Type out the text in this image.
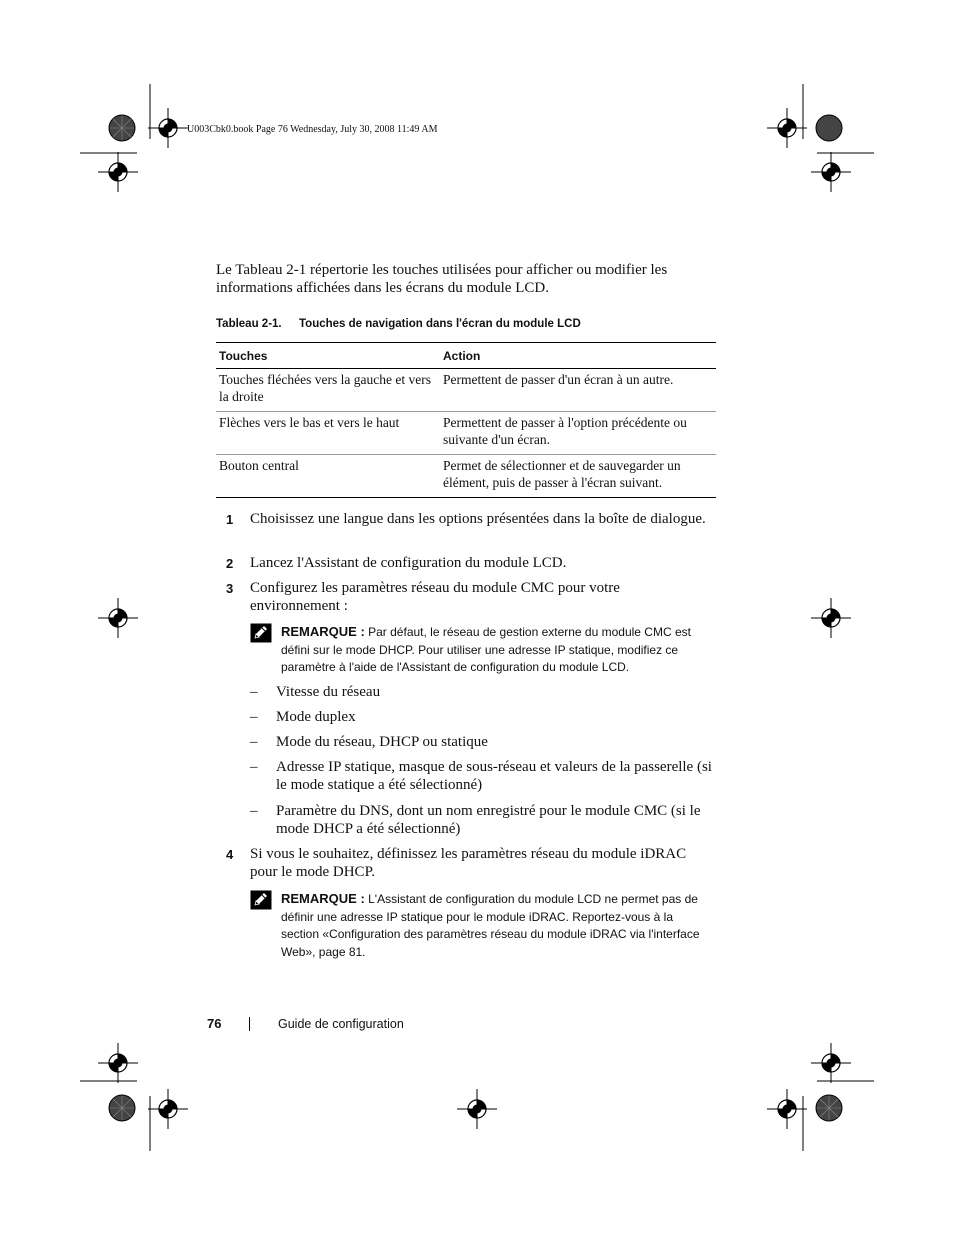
U003Cbk0.book Page 76 Wednesday, July 30, 2008 11:49 AM
Le Tableau 2-1 répertorie les touches utilisées pour afficher ou modifier les informations affichées dans les écrans du module LCD.
Tableau 2-1. Touches de navigation dans l'écran du module LCD
Touches	Action
Touches fléchées vers la gauche et vers la droite	Permettent de passer d'un écran à un autre.
Flèches vers le bas et vers le haut	Permettent de passer à l'option précédente ou suivante d'un écran.
Bouton central	Permet de sélectionner et de sauvegarder un élément, puis de passer à l'écran suivant.
1 Choisissez une langue dans les options présentées dans la boîte de dialogue.
2 Lancez l'Assistant de configuration du module LCD.
3 Configurez les paramètres réseau du module CMC pour votre environnement :
REMARQUE : Par défaut, le réseau de gestion externe du module CMC est défini sur le mode DHCP. Pour utiliser une adresse IP statique, modifiez ce paramètre à l'aide de l'Assistant de configuration du module LCD.
– Vitesse du réseau
– Mode duplex
– Mode du réseau, DHCP ou statique
– Adresse IP statique, masque de sous-réseau et valeurs de la passerelle (si le mode statique a été sélectionné)
– Paramètre du DNS, dont un nom enregistré pour le module CMC (si le mode DHCP a été sélectionné)
4 Si vous le souhaitez, définissez les paramètres réseau du module iDRAC pour le mode DHCP.
REMARQUE : L'Assistant de configuration du module LCD ne permet pas de définir une adresse IP statique pour le module iDRAC. Reportez-vous à la section «Configuration des paramètres réseau du module iDRAC via l'interface Web», page 81.
76	Guide de configuration
